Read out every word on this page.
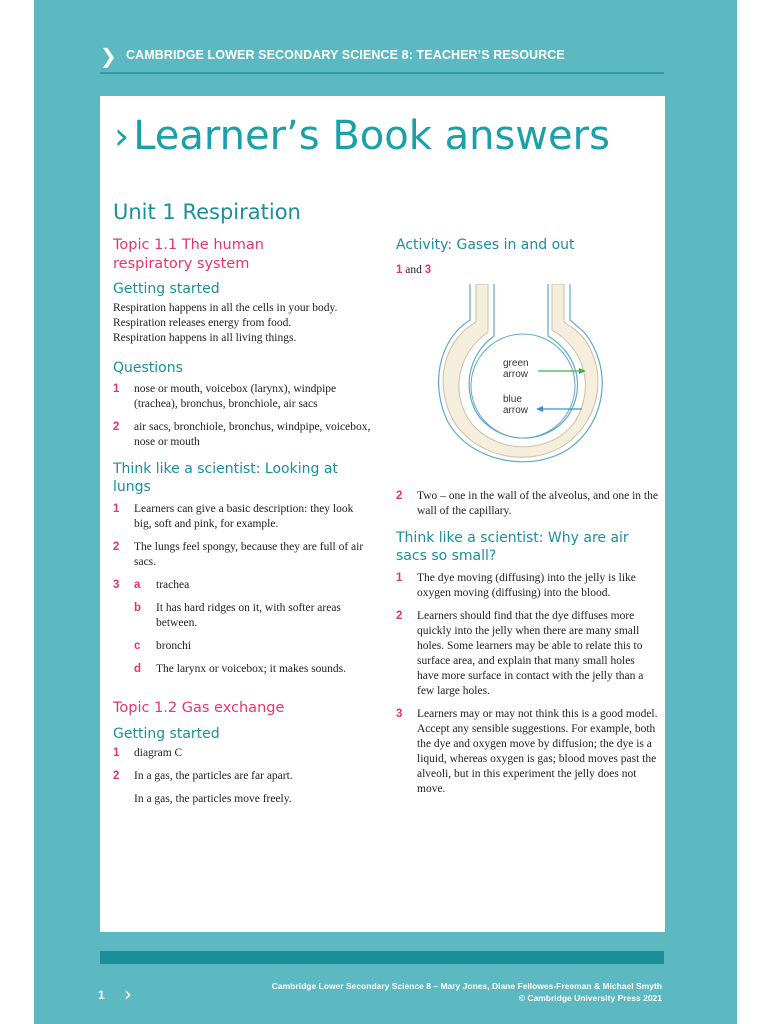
❯ CAMBRIDGE LOWER SECONDARY SCIENCE 8: TEACHER’S RESOURCE
› Learner’s Book answers
Unit 1 Respiration
Topic 1.1 The human
respiratory system
Getting started
Respiration happens in all the cells in your body.
Respiration releases energy from food.
Respiration happens in all living things.
Questions
1	nose or mouth, voicebox (larynx), windpipe (trachea), bronchus, bronchiole, air sacs
2	air sacs, bronchiole, bronchus, windpipe, voicebox, nose or mouth
Think like a scientist: Looking at lungs
1	Learners can give a basic description: they look big, soft and pink, for example.
2	The lungs feel spongy, because they are full of air sacs.
3	a	trachea
b	It has hard ridges on it, with softer areas between.
c	bronchi
d	The larynx or voicebox; it makes sounds.
Topic 1.2 Gas exchange
Getting started
1	diagram C
2	In a gas, the particles are far apart.
In a gas, the particles move freely.
Activity: Gases in and out
1 and 3
green
arrow
blue
arrow
2	Two – one in the wall of the alveolus, and one in the wall of the capillary.
Think like a scientist: Why are air sacs so small?
1	The dye moving (diffusing) into the jelly is like oxygen moving (diffusing) into the blood.
2	Learners should find that the dye diffuses more quickly into the jelly when there are many small holes. Some learners may be able to relate this to surface area, and explain that many small holes have more surface in contact with the jelly than a few large holes.
3	Learners may or may not think this is a good model. Accept any sensible suggestions. For example, both the dye and oxygen move by diffusion; the dye is a liquid, whereas oxygen is gas; blood moves past the alveoli, but in this experiment the jelly does not move.
Cambridge Lower Secondary Science 8 – Mary Jones, Diane Fellowes-Freeman & Michael Smyth
© Cambridge University Press 2021
1 ›
